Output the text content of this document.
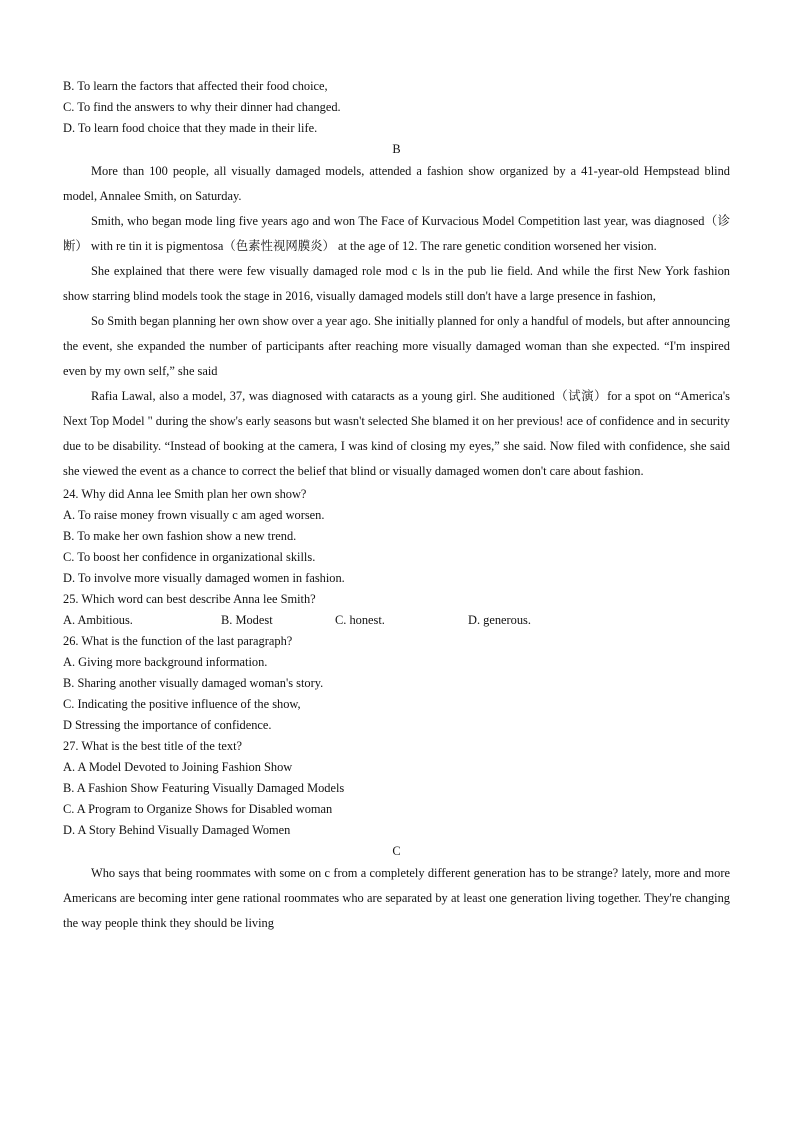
B. To learn the factors that affected their food choice,
C. To find the answers to why their dinner had changed.
D. To learn food choice that they made in their life.
B

More than 100 people, all visually damaged models, attended a fashion show organized by a 41-year-old Hempstead blind model, Annalee Smith, on Saturday.

Smith, who began mode ling five years ago and won The Face of Kurvacious Model Competition last year, was diagnosed（诊断） with re tin it is pigmentosa（色素性视网膜炎） at the age of 12. The rare genetic condition worsened her vision.

She explained that there were few visually damaged role mod c ls in the pub lie field. And while the first New York fashion show starring blind models took the stage in 2016, visually damaged models still don't have a large presence in fashion,

So Smith began planning her own show over a year ago. She initially planned for only a handful of models, but after announcing the event, she expanded the number of participants after reaching more visually damaged woman than she expected. “I'm inspired even by my own self,” she said

Rafia Lawal, also a model, 37, was diagnosed with cataracts as a young girl. She auditioned（试演）for a spot on “America's Next Top Model " during the show's early seasons but wasn't selected She blamed it on her previous! ace of confidence and in security due to be disability. “Instead of booking at the camera, I was kind of closing my eyes,” she said. Now filed with confidence, she said she viewed the event as a chance to correct the belief that blind or visually damaged women don't care about fashion.

24. Why did Anna lee Smith plan her own show?
A. To raise money frown visually c am aged worsen.
B. To make her own fashion show a new trend.
C. To boost her confidence in organizational skills.
D. To involve more visually damaged women in fashion.
25. Which word can best describe Anna lee Smith?
A. Ambitious.	B. Modest	C. honest.	D. generous.
26. What is the function of the last paragraph?
A. Giving more background information.
B. Sharing another visually damaged woman's story.
C. Indicating the positive influence of the show,
D Stressing the importance of confidence.
27. What is the best title of the text?
A. A Model Devoted to Joining Fashion Show
B. A Fashion Show Featuring Visually Damaged Models
C. A Program to Organize Shows for Disabled woman
D. A Story Behind Visually Damaged Women
C

Who says that being roommates with some on c from a completely different generation has to be strange? lately, more and more Americans are becoming inter gene rational roommates who are separated by at least one generation living together. They're changing the way people think they should be living
